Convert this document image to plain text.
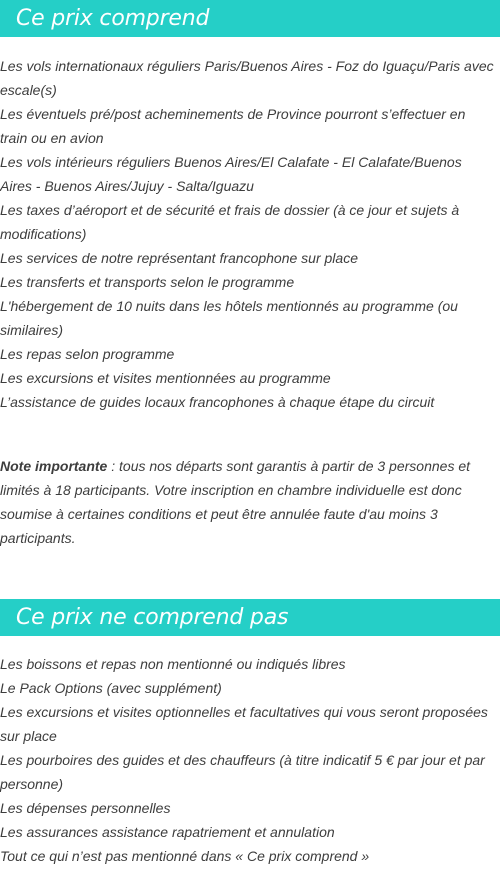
Ce prix comprend

Les vols internationaux réguliers Paris/Buenos Aires - Foz do Iguaçu/Paris avec escale(s)

Les éventuels pré/post acheminements de Province pourront s’effectuer en train ou en avion

Les vols intérieurs réguliers Buenos Aires/El Calafate - El Calafate/Buenos Aires - Buenos Aires/Jujuy - Salta/Iguazu

Les taxes d’aéroport et de sécurité et frais de dossier (à ce jour et sujets à modifications)

Les services de notre représentant francophone sur place

Les transferts et transports selon le programme

L'hébergement de 10 nuits dans les hôtels mentionnés au programme (ou similaires)

Les repas selon programme

Les excursions et visites mentionnées au programme

L’assistance de guides locaux francophones à chaque étape du circuit

Note importante : tous nos départs sont garantis à partir de 3 personnes et limités à 18 participants. Votre inscription en chambre individuelle est donc soumise à certaines conditions et peut être annulée faute d'au moins 3 participants.

Ce prix ne comprend pas

Les boissons et repas non mentionné ou indiqués libres

Le Pack Options (avec supplément)

Les excursions et visites optionnelles et facultatives qui vous seront proposées sur place

Les pourboires des guides et des chauffeurs (à titre indicatif 5 € par jour et par personne)

Les dépenses personnelles

Les assurances assistance rapatriement et annulation

Tout ce qui n’est pas mentionné dans « Ce prix comprend »
